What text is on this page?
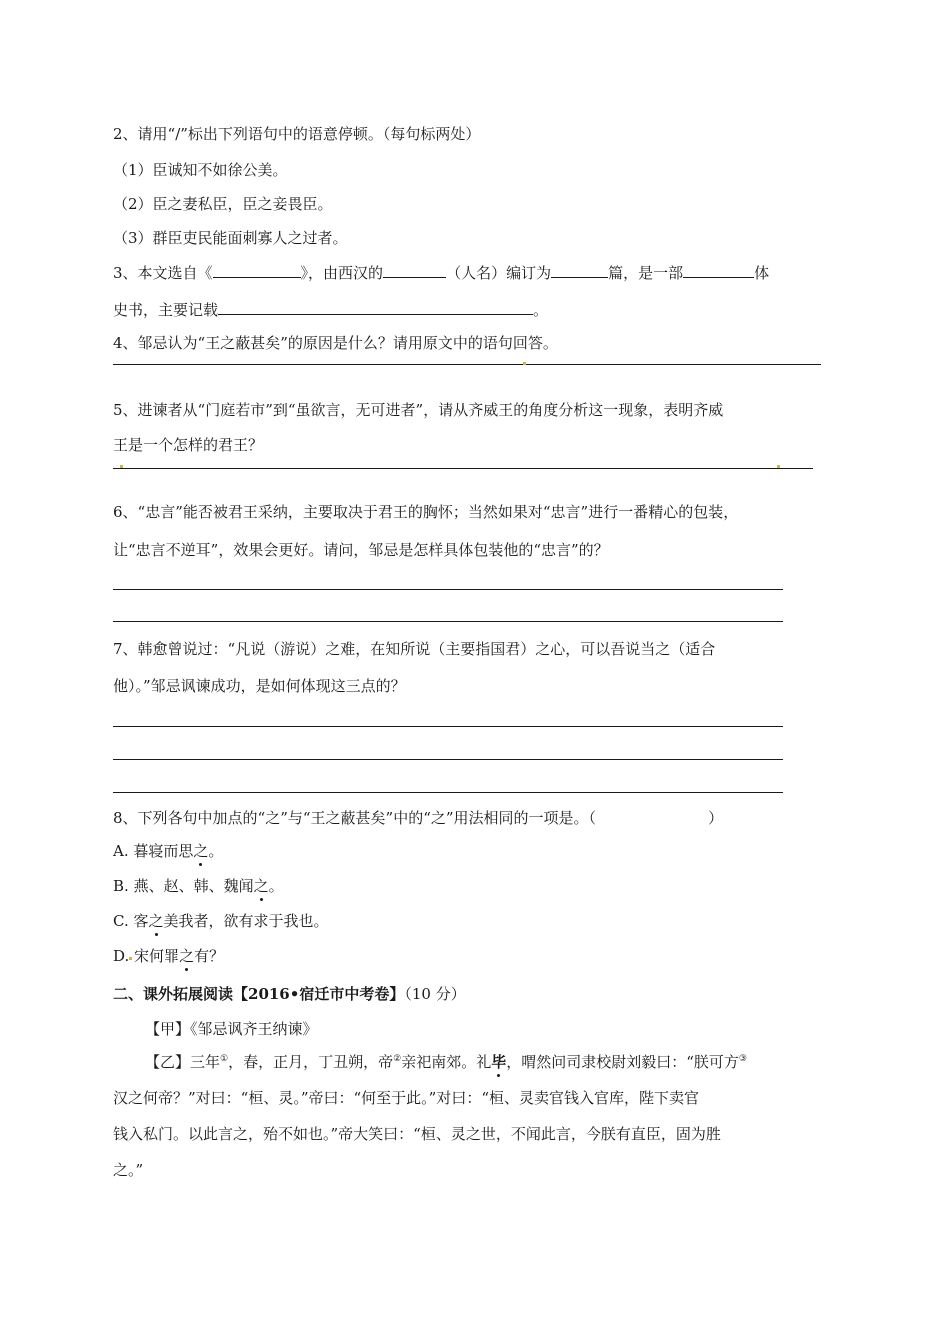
2、请用“/”标出下列语句中的语意停顿。（每句标两处）
（1）臣诚知不如徐公美。
（2）臣之妻私臣，臣之妾畏臣。
（3）群臣吏民能面刺寡人之过者。
3、本文选自《	》，由西汉的	（人名）编订为	篇，是一部	体
史书，主要记载	。
4、邹忌认为“王之蔽甚矣”的原因是什么？请用原文中的语句回答。
5、进谏者从“门庭若市”到“虽欲言，无可进者”，请从齐威王的角度分析这一现象，表明齐威
王是一个怎样的君王？
6、“忠言”能否被君王采纳，主要取决于君王的胸怀；当然如果对“忠言”进行一番精心的包装，
让“忠言不逆耳”，效果会更好。请问，邹忌是怎样具体包装他的“忠言”的？
7、韩愈曾说过：“凡说（游说）之难，在知所说（主要指国君）之心，可以吾说当之（适合
他）。”邹忌讽谏成功，是如何体现这三点的？
8、下列各句中加点的“之”与“王之蔽甚矣”中的“之”用法相同的一项是。（	）
A. 暮寝而思之。
B. 燕、赵、韩、魏闻之。
C. 客之美我者，欲有求于我也。
D. 宋何罪之有？
二、课外拓展阅读【2016•宿迁市中考卷】（10 分）
【甲】《邹忌讽齐王纳谏》
【乙】三年①，春，正月，丁丑朔，帝②亲祀南郊。礼毕，喟然问司隶校尉刘毅曰：“朕可方③
汉之何帝？”对曰：“桓、灵。”帝曰：“何至于此。”对曰：“桓、灵卖官钱入官库，陛下卖官
钱入私门。以此言之，殆不如也。”帝大笑曰：“桓、灵之世，不闻此言，今朕有直臣，固为胜
之。”
